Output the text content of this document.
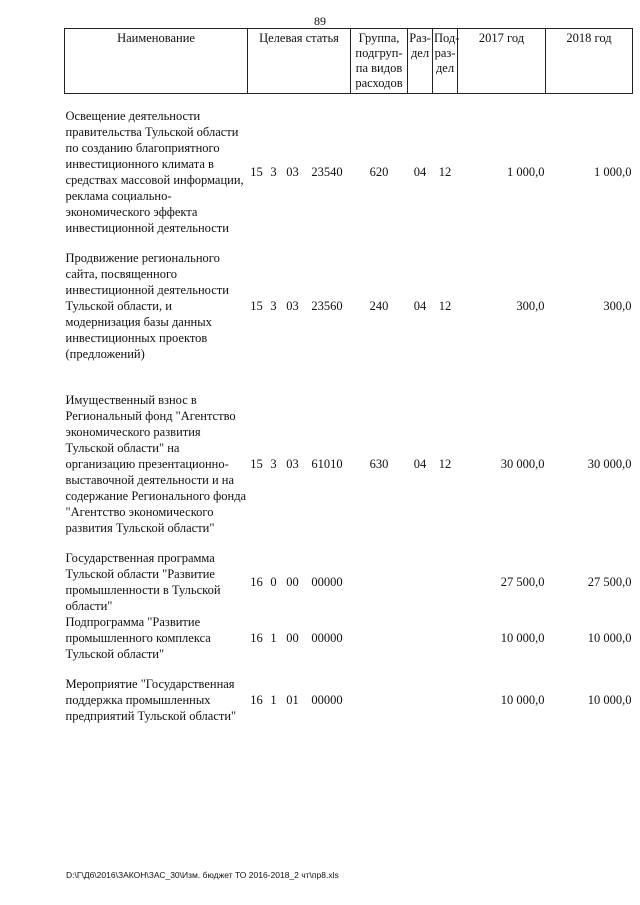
89
Наименование	Целевая статья				Группа, подгруп- па видов расходов	Раз- дел	Под- раз- дел	2017 год	2018 год

Освещение деятельности правительства Тульской области по созданию благоприятного инвестиционного климата в средствах массовой информации, реклама социально-экономического эффекта инвестиционной деятельности	15	3	03	23540	620	04	12	1 000,0	1 000,0

Продвижение регионального сайта, посвященного инвестиционной деятельности Тульской области, и модернизация базы данных инвестиционных проектов (предложений)	15	3	03	23560	240	04	12	300,0	300,0

Имущественный взнос в Региональный фонд "Агентство экономического развития Тульской области" на организацию презентационно-выставочной деятельности и на содержание Регионального фонда "Агентство экономического развития Тульской области"	15	3	03	61010	630	04	12	30 000,0	30 000,0

Государственная программа Тульской области "Развитие промышленности в Тульской области"	16	0	00	00000				27 500,0	27 500,0
Подпрограмма "Развитие промышленного комплекса Тульской области"	16	1	00	00000				10 000,0	10 000,0

Мероприятие "Государственная поддержка промышленных предприятий Тульской области"	16	1	01	00000				10 000,0	10 000,0
D:\Г\Д6\2016\ЗАКОН\ЗАС_30\Изм. бюджет ТО 2016-2018_2 чт\пр8.xls
